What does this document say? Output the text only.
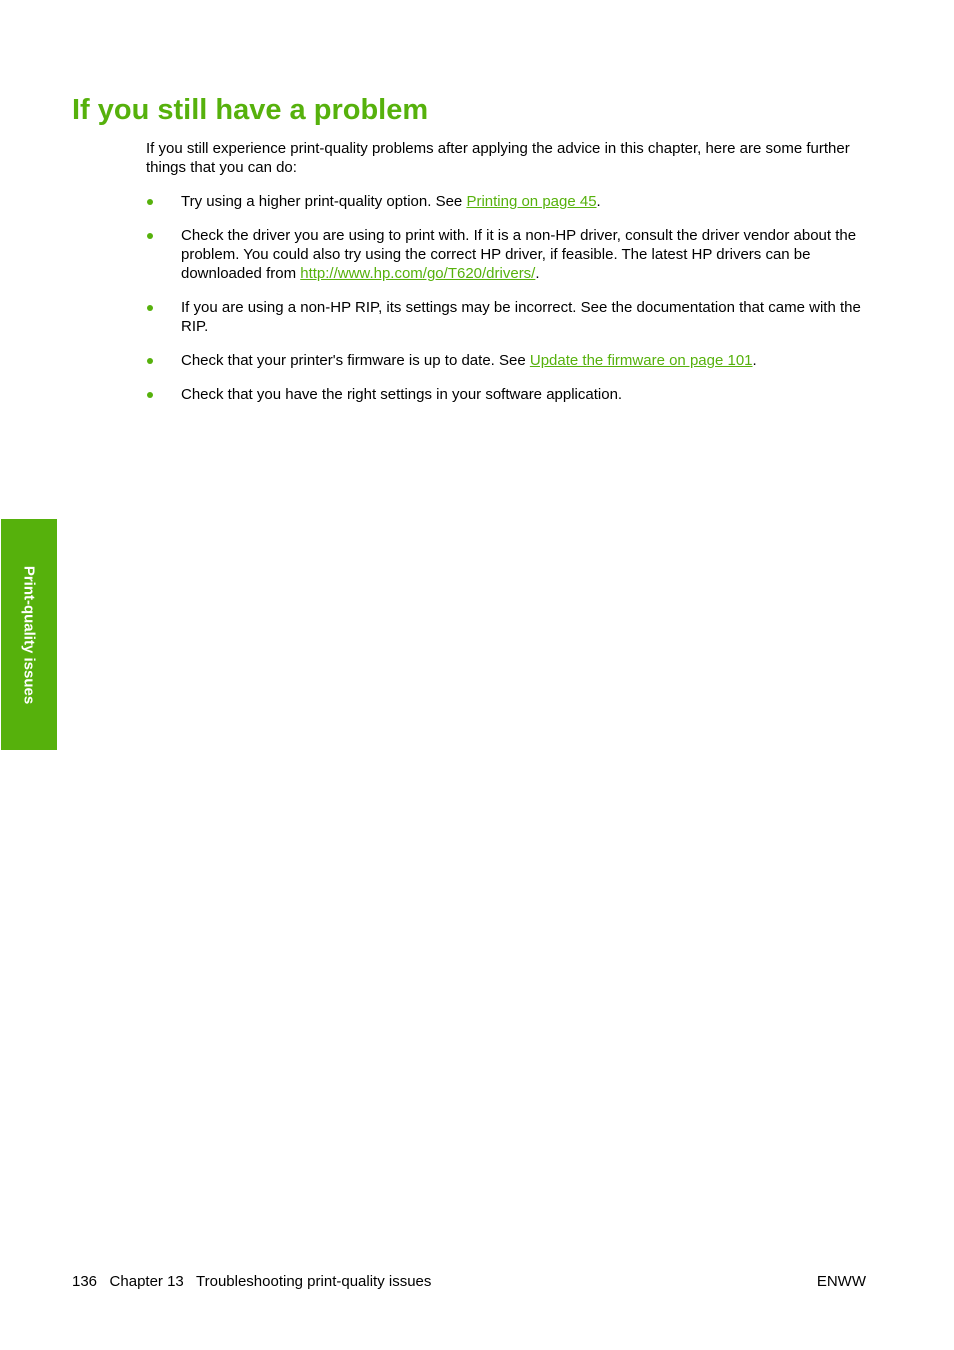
If you still have a problem

If you still experience print-quality problems after applying the advice in this chapter, here are some further things that you can do:

Try using a higher print-quality option. See Printing on page 45.
Check the driver you are using to print with. If it is a non-HP driver, consult the driver vendor about the problem. You could also try using the correct HP driver, if feasible. The latest HP drivers can be downloaded from http://www.hp.com/go/T620/drivers/.
If you are using a non-HP RIP, its settings may be incorrect. See the documentation that came with the RIP.
Check that your printer's firmware is up to date. See Update the firmware on page 101.
Check that you have the right settings in your software application.
Print-quality issues
136 Chapter 13 Troubleshooting print-quality issues	ENWW
